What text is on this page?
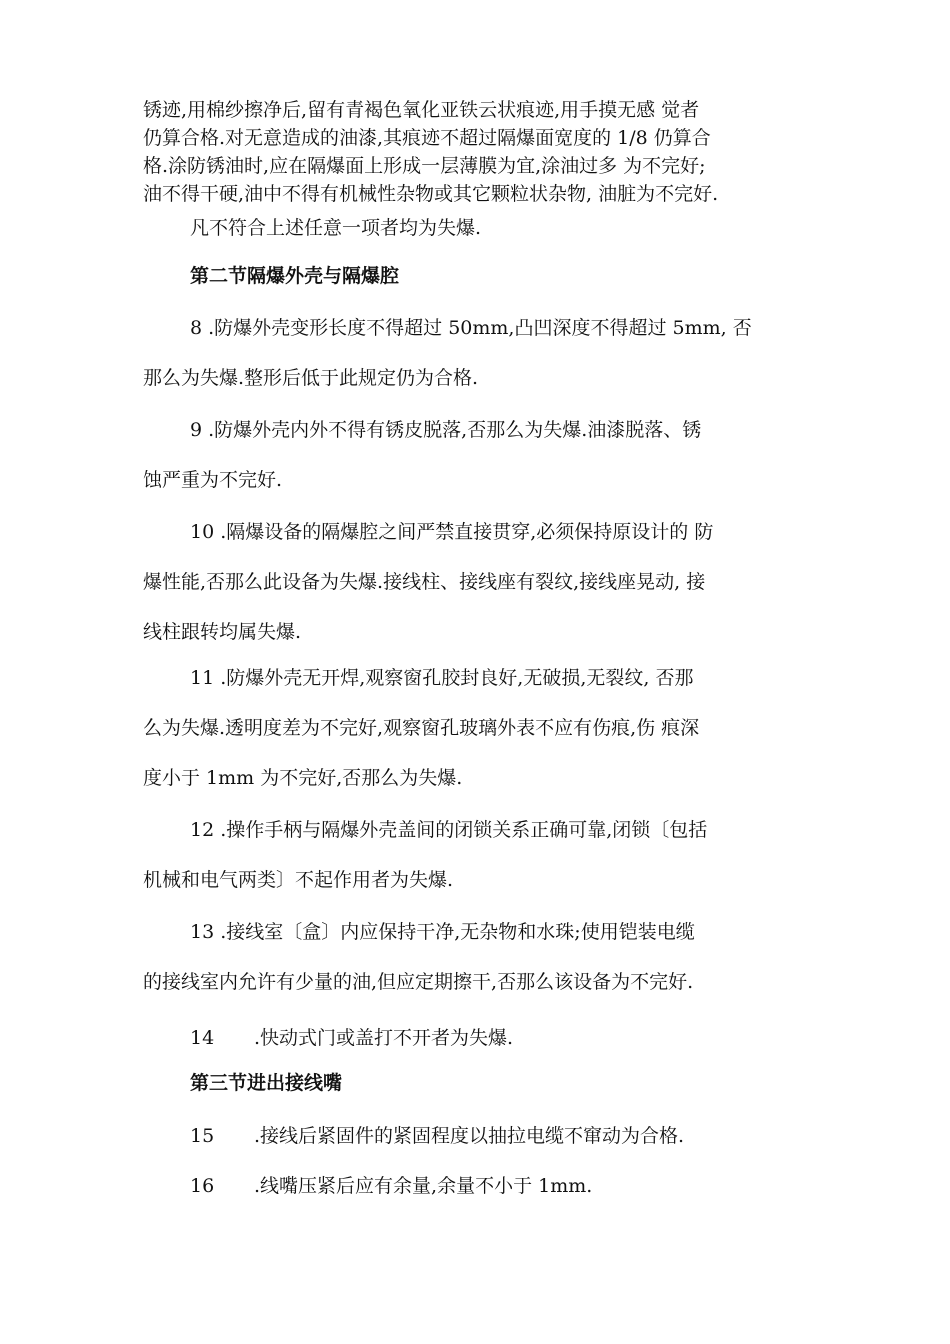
锈迹,用棉纱擦净后,留有青褐色氧化亚铁云状痕迹,用手摸无感 觉者
仍算合格.对无意造成的油漆,其痕迹不超过隔爆面宽度的 1/8 仍算合
格.涂防锈油时,应在隔爆面上形成一层薄膜为宜,涂油过多 为不完好;
油不得干硬,油中不得有机械性杂物或其它颗粒状杂物, 油脏为不完好.
凡不符合上述任意一项者均为失爆.
第二节隔爆外壳与隔爆腔
8 .防爆外壳变形长度不得超过 50mm,凸凹深度不得超过 5mm, 否
那么为失爆.整形后低于此规定仍为合格.
9 .防爆外壳内外不得有锈皮脱落,否那么为失爆.油漆脱落、锈
蚀严重为不完好.
10 .隔爆设备的隔爆腔之间严禁直接贯穿,必须保持原设计的 防
爆性能,否那么此设备为失爆.接线柱、接线座有裂纹,接线座晃动, 接
线柱跟转均属失爆.
11 .防爆外壳无开焊,观察窗孔胶封良好,无破损,无裂纹, 否那
么为失爆.透明度差为不完好,观察窗孔玻璃外表不应有伤痕,伤 痕深
度小于 1mm 为不完好,否那么为失爆.
12 .操作手柄与隔爆外壳盖间的闭锁关系正确可靠,闭锁〔包括
机械和电气两类〕不起作用者为失爆.
13 .接线室〔盒〕内应保持干净,无杂物和水珠;使用铠装电缆
的接线室内允许有少量的油,但应定期擦干,否那么该设备为不完好.
14 .快动式门或盖打不开者为失爆.
第三节进出接线嘴
15 .接线后紧固件的紧固程度以抽拉电缆不窜动为合格.
16 .线嘴压紧后应有余量,余量不小于 1mm.
